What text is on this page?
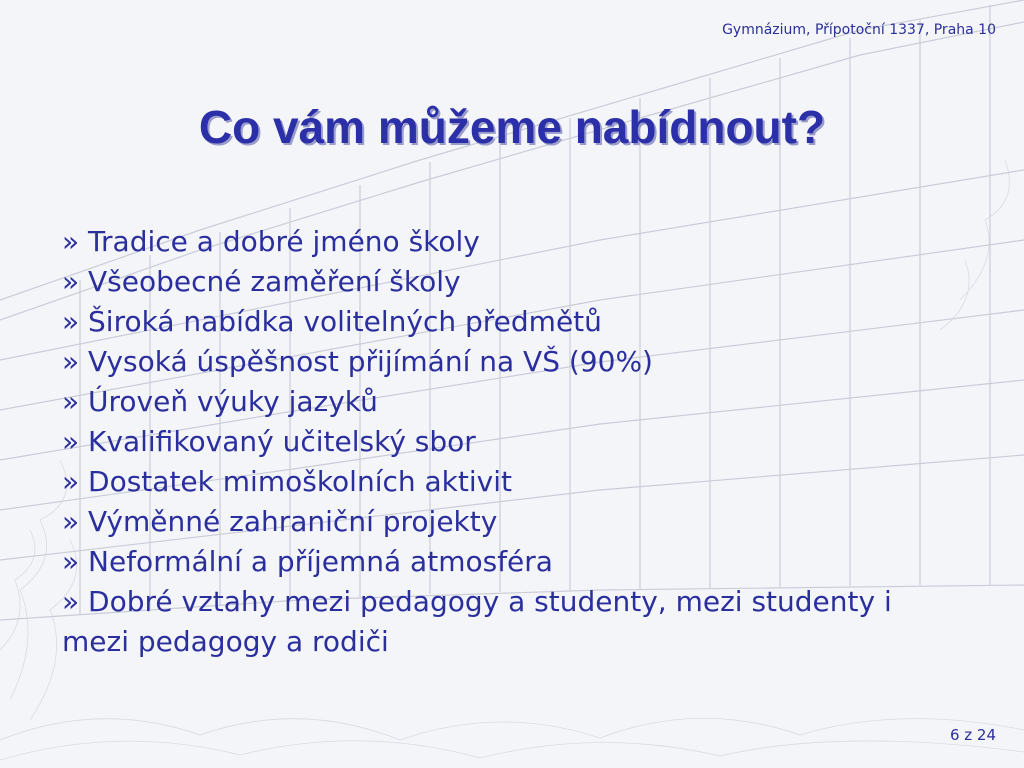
Gymnázium, Přípotoční 1337, Praha 10
Co vám můžeme nabídnout?
» Tradice a dobré jméno školy
» Všeobecné zaměření školy
» Široká nabídka volitelných předmětů
» Vysoká úspěšnost přijímání na VŠ (90%)
» Úroveň výuky jazyků
» Kvalifikovaný učitelský sbor
» Dostatek mimoškolních aktivit
» Výměnné zahraniční projekty
» Neformální a příjemná atmosféra
» Dobré vztahy mezi pedagogy a studenty, mezi studenty i mezi pedagogy a rodiči
6 z 24
